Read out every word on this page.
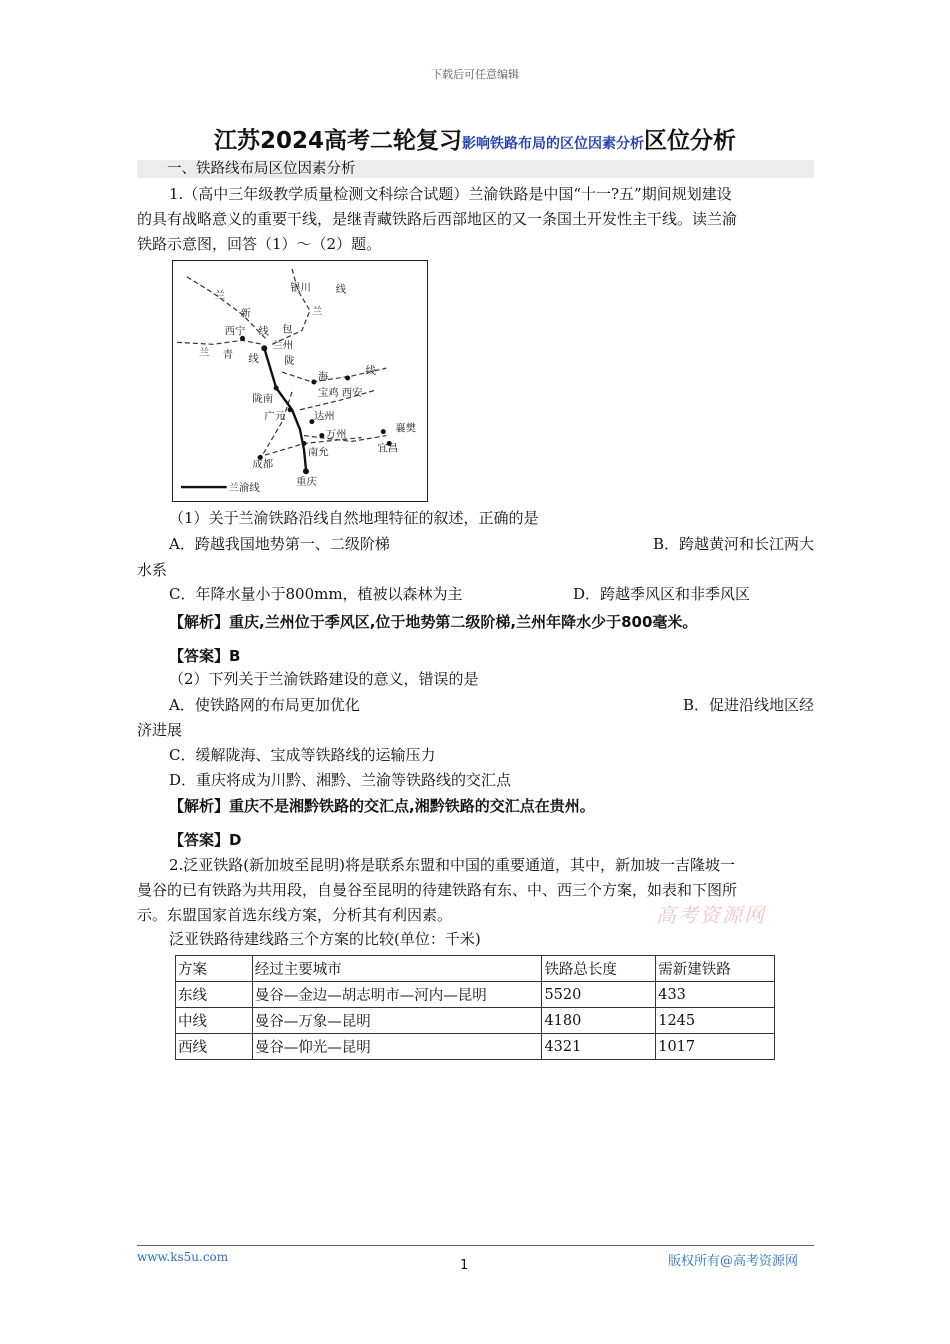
下载后可任意编辑
江苏2024高考二轮复习影响铁路布局的区位因素分析区位分析
一、铁路线布局区位因素分析
1.（高中三年级教学质量检测文科综合试题）兰渝铁路是中国“十一?五”期间规划建设
的具有战略意义的重要干线，是继青藏铁路后西部地区的又一条国土开发性主干线。读兰渝
铁路示意图，回答（1）～（2）题。
兰
新
银川 线
兰
西宁 线 包
兰州
兰 青 线 陇
海	线
宝鸡 西安
陇南
广元	达州
万州	襄樊
南允	宜昌
成都
重庆
兰渝线
（1）关于兰渝铁路沿线自然地理特征的叙述，正确的是
A．跨越我国地势第一、二级阶梯	B．跨越黄河和长江两大
水系
C．年降水量小于800mm，植被以森林为主	D．跨越季风区和非季风区
【解析】重庆,兰州位于季风区,位于地势第二级阶梯,兰州年降水少于800毫米。
【答案】B
（2）下列关于兰渝铁路建设的意义，错误的是
A．使铁路网的布局更加优化	B．促进沿线地区经
济进展
C．缓解陇海、宝成等铁路线的运输压力
D．重庆将成为川黔、湘黔、兰渝等铁路线的交汇点
【解析】重庆不是湘黔铁路的交汇点,湘黔铁路的交汇点在贵州。
【答案】D
2.泛亚铁路(新加坡至昆明)将是联系东盟和中国的重要通道，其中，新加坡一吉隆坡一
曼谷的已有铁路为共用段，自曼谷至昆明的待建铁路有东、中、西三个方案，如表和下图所
示。东盟国家首选东线方案，分析其有利因素。	高考资源网
泛亚铁路待建线路三个方案的比较(单位：千米)
方案	经过主要城市	铁路总长度	需新建铁路
东线	曼谷—金边—胡志明市—河内—昆明	5520	433
中线	曼谷—万象—昆明	4180	1245
西线	曼谷—仰光—昆明	4321	1017
www.ks5u.com
1	版权所有@高考资源网
